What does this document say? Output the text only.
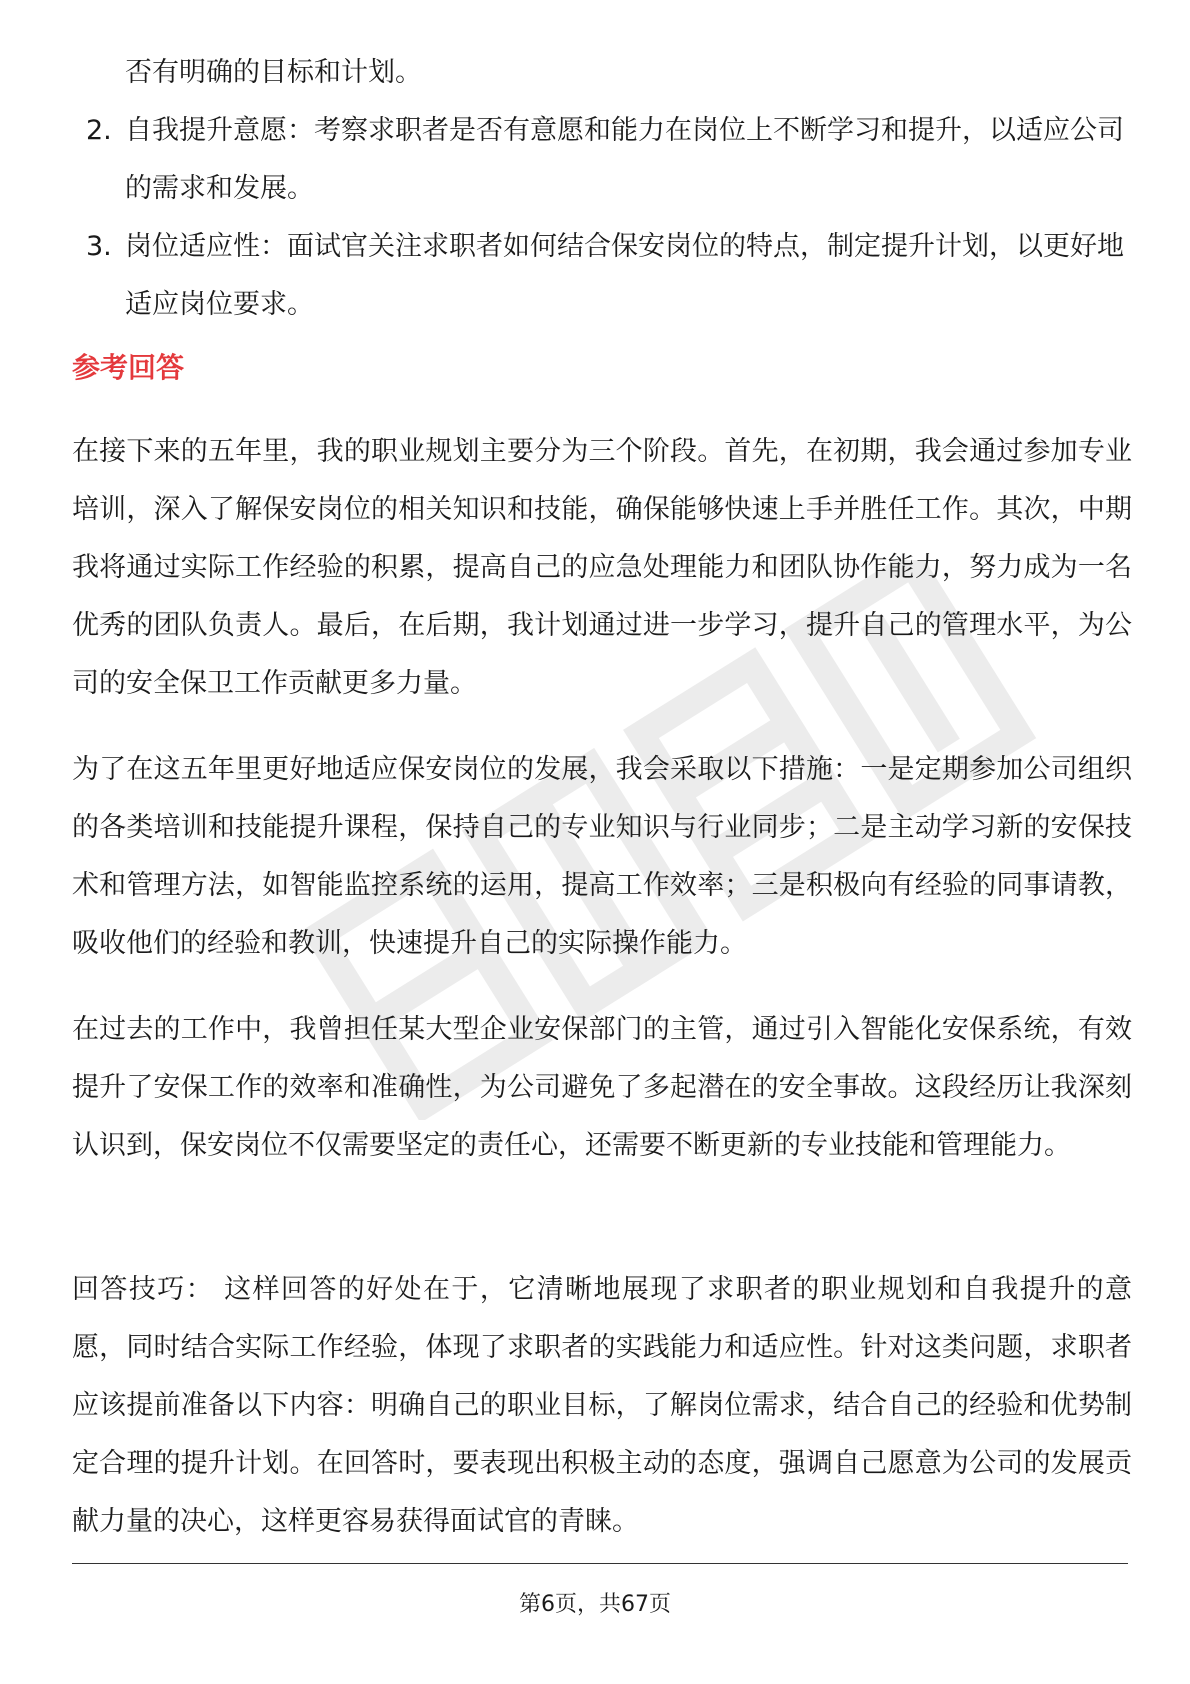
否有明确的目标和计划。
2. 自我提升意愿：考察求职者是否有意愿和能力在岗位上不断学习和提升，以适应公司的需求和发展。
3. 岗位适应性：面试官关注求职者如何结合保安岗位的特点，制定提升计划，以更好地适应岗位要求。
参考回答

在接下来的五年里，我的职业规划主要分为三个阶段。首先，在初期，我会通过参加专业培训，深入了解保安岗位的相关知识和技能，确保能够快速上手并胜任工作。其次，中期我将通过实际工作经验的积累，提高自己的应急处理能力和团队协作能力，努力成为一名优秀的团队负责人。最后，在后期，我计划通过进一步学习，提升自己的管理水平，为公司的安全保卫工作贡献更多力量。

为了在这五年里更好地适应保安岗位的发展，我会采取以下措施：一是定期参加公司组织的各类培训和技能提升课程，保持自己的专业知识与行业同步；二是主动学习新的安保技术和管理方法，如智能监控系统的运用，提高工作效率；三是积极向有经验的同事请教，吸收他们的经验和教训，快速提升自己的实际操作能力。

在过去的工作中，我曾担任某大型企业安保部门的主管，通过引入智能化安保系统，有效提升了安保工作的效率和准确性，为公司避免了多起潜在的安全事故。这段经历让我深刻认识到，保安岗位不仅需要坚定的责任心，还需要不断更新的专业技能和管理能力。

回答技巧： 这样回答的好处在于，它清晰地展现了求职者的职业规划和自我提升的意愿，同时结合实际工作经验，体现了求职者的实践能力和适应性。针对这类问题，求职者应该提前准备以下内容：明确自己的职业目标，了解岗位需求，结合自己的经验和优势制定合理的提升计划。在回答时，要表现出积极主动的态度，强调自己愿意为公司的发展贡献力量的决心，这样更容易获得面试官的青睐。

第6页，共67页
